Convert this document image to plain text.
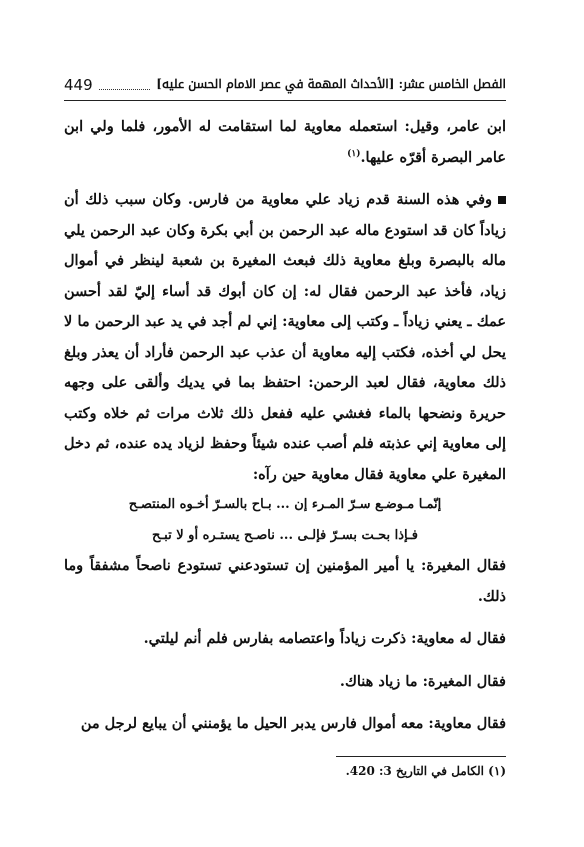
الفصل الخامس عشر: [الأحداث المهمة في عصر الامام الحسن ﷷ]
449

ابن عامر، وقيل: استعمله معاوية لما استقامت له الأمور، فلما ولي ابن عامر البصرة أقرّه عليها.$^{(١)}$

وفي هذه السنة قدم زياد علي معاوية من فارس. وكان سبب ذلك أن زياداً كان قد استودع ماله عبد الرحمن بن أبي بكرة وكان عبد الرحمن يلي ماله بالبصرة وبلغ معاوية ذلك فبعث المغيرة بن شعبة لينظر في أموال زياد، فأخذ عبد الرحمن فقال له: إن كان أبوك قد أساء إليّ لقد أحسن عمك ـ يعني زياداً ـ وكتب إلى معاوية: إني لم أجد في يد عبد الرحمن ما لا يحل لي أخذه، فكتب إليه معاوية أن عذب عبد الرحمن فأراد أن يعذر وبلغ ذلك معاوية، فقال لعبد الرحمن: احتفظ بما في يديك وألقى على وجهه حريرة ونضحها بالماء فغشي عليه ففعل ذلك ثلاث مرات ثم خلاه وكتب إلى معاوية إني عذبته فلم أصب عنده شيئاً وحفظ لزياد يده عنده، ثم دخل المغيرة علي معاوية فقال معاوية حين رآه:

إنّمـا مـوضـع سـرّ المـرء إن ... بـاح بالسـرّ أخـوه المنتصـح
فـإذا بحـت بسـرّ فإلـى ... ناصـح يستـره أو لا تبـح

فقال المغيرة: يا أمير المؤمنين إن تستودعني تستودع ناصحاً مشفقاً وما ذلك.

فقال له معاوية: ذكرت زياداً واعتصامه بفارس فلم أنم ليلتي.

فقال المغيرة: ما زياد هناك.

فقال معاوية: معه أموال فارس يدبر الحيل ما يؤمنني أن يبايع لرجل من

(١) الكامل في التاريخ 3: 420.
